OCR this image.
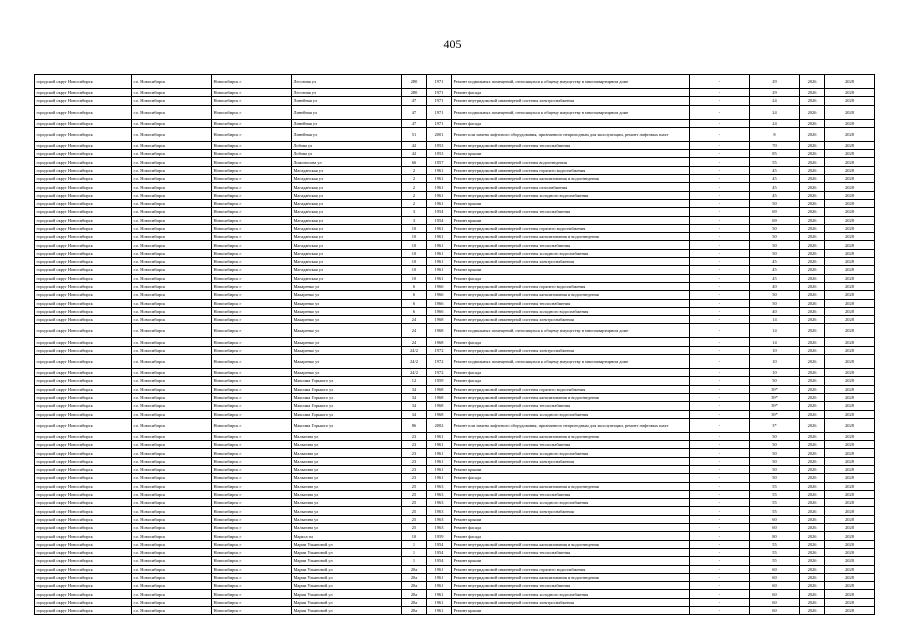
405
городской округ Новосибирск	г.о. Новосибирск	Новосибирск г	Лесозная ул	280	1971	Ремонт подвальных помещений, относящихся к общему имуществу в многоквартирном доме	-	29	2026	2028
городской округ Новосибирск	г.о. Новосибирск	Новосибирск г	Лесозная ул	280	1971	Ремонт фасада	-	29	2026	2028
городской округ Новосибирск	г.о. Новосибирск	Новосибирск г	Линейная ул	47	1971	Ремонт внутридомовой инженерной системы электроснабжения	-	24	2026	2028
городской округ Новосибирск	г.о. Новосибирск	Новосибирск г	Линейная ул	47	1971	Ремонт подвальных помещений, относящихся к общему имуществу в многоквартирном доме	-	24	2026	2028
городской округ Новосибирск	г.о. Новосибирск	Новосибирск г	Линейная ул	47	1971	Ремонт фасада	-	24	2026	2028
городской округ Новосибирск	г.о. Новосибирск	Новосибирск г	Линейная ул	51	2001	Ремонт или замена лифтового оборудования, признанного непригодным для эксплуатации, ремонт лифтовых шахт	-	8	2026	2028
городской округ Новосибирск	г.о. Новосибирск	Новосибирск г	Лобова ул	42	1953	Ремонт внутридомовой инженерной системы теплоснабжения	-	70	2026	2028
городской округ Новосибирск	г.о. Новосибирск	Новосибирск г	Лобова ул	42	1953	Ремонт крыши	-	85	2026	2028
городской округ Новосибирск	г.о. Новосибирск	Новосибирск г	Ломоносова ул	66	1957	Ремонт внутридомовой инженерной системы водоотведения	-	55	2026	2028
городской округ Новосибирск	г.о. Новосибирск	Новосибирск г	Магаданская ул	2	1961	Ремонт внутридомовой инженерной системы горячего водоснабжения	-	45	2026	2028
городской округ Новосибирск	г.о. Новосибирск	Новосибирск г	Магаданская ул	2	1961	Ремонт внутридомовой инженерной системы канализования и водоотведения	-	45	2026	2028
городской округ Новосибирск	г.о. Новосибирск	Новосибирск г	Магаданская ул	2	1961	Ремонт внутридомовой инженерной системы газоснабжения	-	45	2026	2028
городской округ Новосибирск	г.о. Новосибирск	Новосибирск г	Магаданская ул	2	1961	Ремонт внутридомовой инженерной системы холодного водоснабжения	-	45	2026	2028
городской округ Новосибирск	г.о. Новосибирск	Новосибирск г	Магаданская ул	2	1961	Ремонт крыши	-	50	2026	2028
городской округ Новосибирск	г.о. Новосибирск	Новосибирск г	Магаданская ул	3	1954	Ремонт внутридомовой инженерной системы теплоснабжения	-	69	2026	2028
городской округ Новосибирск	г.о. Новосибирск	Новосибирск г	Магаданская ул	3	1954	Ремонт крыши	-	69	2026	2028
городской округ Новосибирск	г.о. Новосибирск	Новосибирск г	Магаданская ул	10	1961	Ремонт внутридомовой инженерной системы горячего водоснабжения	-	50	2026	2028
городской округ Новосибирск	г.о. Новосибирск	Новосибирск г	Магаданская ул	10	1961	Ремонт внутридомовой инженерной системы канализования и водоотведения	-	50	2026	2028
городской округ Новосибирск	г.о. Новосибирск	Новосибирск г	Магаданская ул	10	1961	Ремонт внутридомовой инженерной системы теплоснабжения	-	50	2026	2028
городской округ Новосибирск	г.о. Новосибирск	Новосибирск г	Магаданская ул	10	1961	Ремонт внутридомовой инженерной системы холодного водоснабжения	-	50	2026	2028
городской округ Новосибирск	г.о. Новосибирск	Новосибирск г	Магаданская ул	10	1961	Ремонт внутридомовой инженерной системы электроснабжения	-	45	2026	2028
городской округ Новосибирск	г.о. Новосибирск	Новосибирск г	Магаданская ул	10	1961	Ремонт крыши	-	45	2026	2028
городской округ Новосибирск	г.о. Новосибирск	Новосибирск г	Магаданская ул	10	1961	Ремонт фасада	-	45	2026	2028
городской округ Новосибирск	г.о. Новосибирск	Новосибирск г	Макаренко ул	6	1966	Ремонт внутридомовой инженерной системы горячего водоснабжения	-	40	2026	2028
городской округ Новосибирск	г.о. Новосибирск	Новосибирск г	Макаренко ул	6	1966	Ремонт внутридомовой инженерной системы канализования и водоотведения	-	50	2026	2028
городской округ Новосибирск	г.о. Новосибирск	Новосибирск г	Макаренко ул	6	1966	Ремонт внутридомовой инженерной системы теплоснабжения	-	50	2026	2028
городской округ Новосибирск	г.о. Новосибирск	Новосибирск г	Макаренко ул	6	1966	Ремонт внутридомовой инженерной системы холодного водоснабжения	-	40	2026	2028
городской округ Новосибирск	г.о. Новосибирск	Новосибирск г	Макаренко ул	24	1968	Ремонт внутридомовой инженерной системы электроснабжения	-	14	2026	2028
городской округ Новосибирск	г.о. Новосибирск	Новосибирск г	Макаренко ул	24	1968	Ремонт подвальных помещений, относящихся к общему имуществу в многоквартирном доме	-	14	2026	2028
городской округ Новосибирск	г.о. Новосибирск	Новосибирск г	Макаренко ул	24	1968	Ремонт фасада	-	14	2026	2028
городской округ Новосибирск	г.о. Новосибирск	Новосибирск г	Макаренко ул	24/2	1972	Ремонт внутридомовой инженерной системы электроснабжения	-	10	2026	2028
городской округ Новосибирск	г.о. Новосибирск	Новосибирск г	Макаренко ул	24/2	1972	Ремонт подвальных помещений, относящихся к общему имуществу в многоквартирном доме	-	10	2026	2028
городской округ Новосибирск	г.о. Новосибирск	Новосибирск г	Макаренко ул	24/2	1972	Ремонт фасада	-	10	2026	2028
городской округ Новосибирск	г.о. Новосибирск	Новосибирск г	Максима Горького ул	12	1959	Ремонт фасада	-	50	2026	2028
городской округ Новосибирск	г.о. Новосибирск	Новосибирск г	Максима Горького ул	34	1968	Ремонт внутридомовой инженерной системы горячего водоснабжения	-	39*	2026	2028
городской округ Новосибирск	г.о. Новосибирск	Новосибирск г	Максима Горького ул	34	1968	Ремонт внутридомовой инженерной системы канализования и водоотведения	-	39*	2026	2028
городской округ Новосибирск	г.о. Новосибирск	Новосибирск г	Максима Горького ул	34	1968	Ремонт внутридомовой инженерной системы теплоснабжения	-	39*	2026	2028
городской округ Новосибирск	г.о. Новосибирск	Новосибирск г	Максима Горького ул	34	1968	Ремонт внутридомовой инженерной системы холодного водоснабжения	-	39*	2026	2028
городской округ Новосибирск	г.о. Новосибирск	Новосибирск г	Максима Горького ул	86	2002	Ремонт или замена лифтового оборудования, признанного непригодным для эксплуатации, ремонт лифтовых шахт	-	3*	2026	2028
городской округ Новосибирск	г.о. Новосибирск	Новосибирск г	Малыгина ул	23	1961	Ремонт внутридомовой инженерной системы канализования и водоотведения	-	50	2026	2028
городской округ Новосибирск	г.о. Новосибирск	Новосибирск г	Малыгина ул	23	1961	Ремонт внутридомовой инженерной системы теплоснабжения	-	50	2026	2028
городской округ Новосибирск	г.о. Новосибирск	Новосибирск г	Малыгина ул	23	1961	Ремонт внутридомовой инженерной системы холодного водоснабжения	-	50	2026	2028
городской округ Новосибирск	г.о. Новосибирск	Новосибирск г	Малыгина ул	23	1961	Ремонт внутридомовой инженерной системы электроснабжения	-	50	2026	2028
городской округ Новосибирск	г.о. Новосибирск	Новосибирск г	Малыгина ул	23	1961	Ремонт крыши	-	50	2026	2028
городской округ Новосибирск	г.о. Новосибирск	Новосибирск г	Малыгина ул	23	1961	Ремонт фасада	-	50	2026	2028
городской округ Новосибирск	г.о. Новосибирск	Новосибирск г	Малыгина ул	25	1963	Ремонт внутридомовой инженерной системы канализования и водоотведения	-	55	2026	2028
городской округ Новосибирск	г.о. Новосибирск	Новосибирск г	Малыгина ул	25	1963	Ремонт внутридомовой инженерной системы теплоснабжения	-	55	2026	2028
городской округ Новосибирск	г.о. Новосибирск	Новосибирск г	Малыгина ул	25	1963	Ремонт внутридомовой инженерной системы холодного водоснабжения	-	55	2026	2028
городской округ Новосибирск	г.о. Новосибирск	Новосибирск г	Малыгина ул	25	1963	Ремонт внутридомовой инженерной системы электроснабжения	-	55	2026	2028
городской округ Новосибирск	г.о. Новосибирск	Новосибирск г	Малыгина ул	25	1963	Ремонт крыши	-	60	2026	2028
городской округ Новосибирск	г.о. Новосибирск	Новосибирск г	Малыгина ул	25	1963	Ремонт фасада	-	60	2026	2028
городской округ Новосибирск	г.о. Новосибирск	Новосибирск г	Маркса пл	10	1959	Ремонт фасада	-	80	2026	2028
городской округ Новосибирск	г.о. Новосибирск	Новосибирск г	Марии Ульяновой ул	1	1954	Ремонт внутридомовой инженерной системы канализования и водоотведения	-	55	2026	2028
городской округ Новосибирск	г.о. Новосибирск	Новосибирск г	Марии Ульяновой ул	1	1954	Ремонт внутридомовой инженерной системы теплоснабжения	-	55	2026	2028
городской округ Новосибирск	г.о. Новосибирск	Новосибирск г	Марии Ульяновой ул	1	1954	Ремонт крыши	-	55	2026	2028
городской округ Новосибирск	г.о. Новосибирск	Новосибирск г	Марии Ульяновой ул	20а	1961	Ремонт внутридомовой инженерной системы горячего водоснабжения	-	60	2026	2028
городской округ Новосибирск	г.о. Новосибирск	Новосибирск г	Марии Ульяновой ул	20а	1961	Ремонт внутридомовой инженерной системы канализования и водоотведения	-	60	2026	2028
городской округ Новосибирск	г.о. Новосибирск	Новосибирск г	Марии Ульяновой ул	20а	1961	Ремонт внутридомовой инженерной системы теплоснабжения	-	60	2026	2028
городской округ Новосибирск	г.о. Новосибирск	Новосибирск г	Марии Ульяновой ул	20а	1961	Ремонт внутридомовой инженерной системы холодного водоснабжения	-	60	2026	2028
городской округ Новосибирск	г.о. Новосибирск	Новосибирск г	Марии Ульяновой ул	20а	1961	Ремонт внутридомовой инженерной системы электроснабжения	-	60	2026	2028
городской округ Новосибирск	г.о. Новосибирск	Новосибирск г	Марии Ульяновой ул	20а	1961	Ремонт крыши	-	60	2026	2028
